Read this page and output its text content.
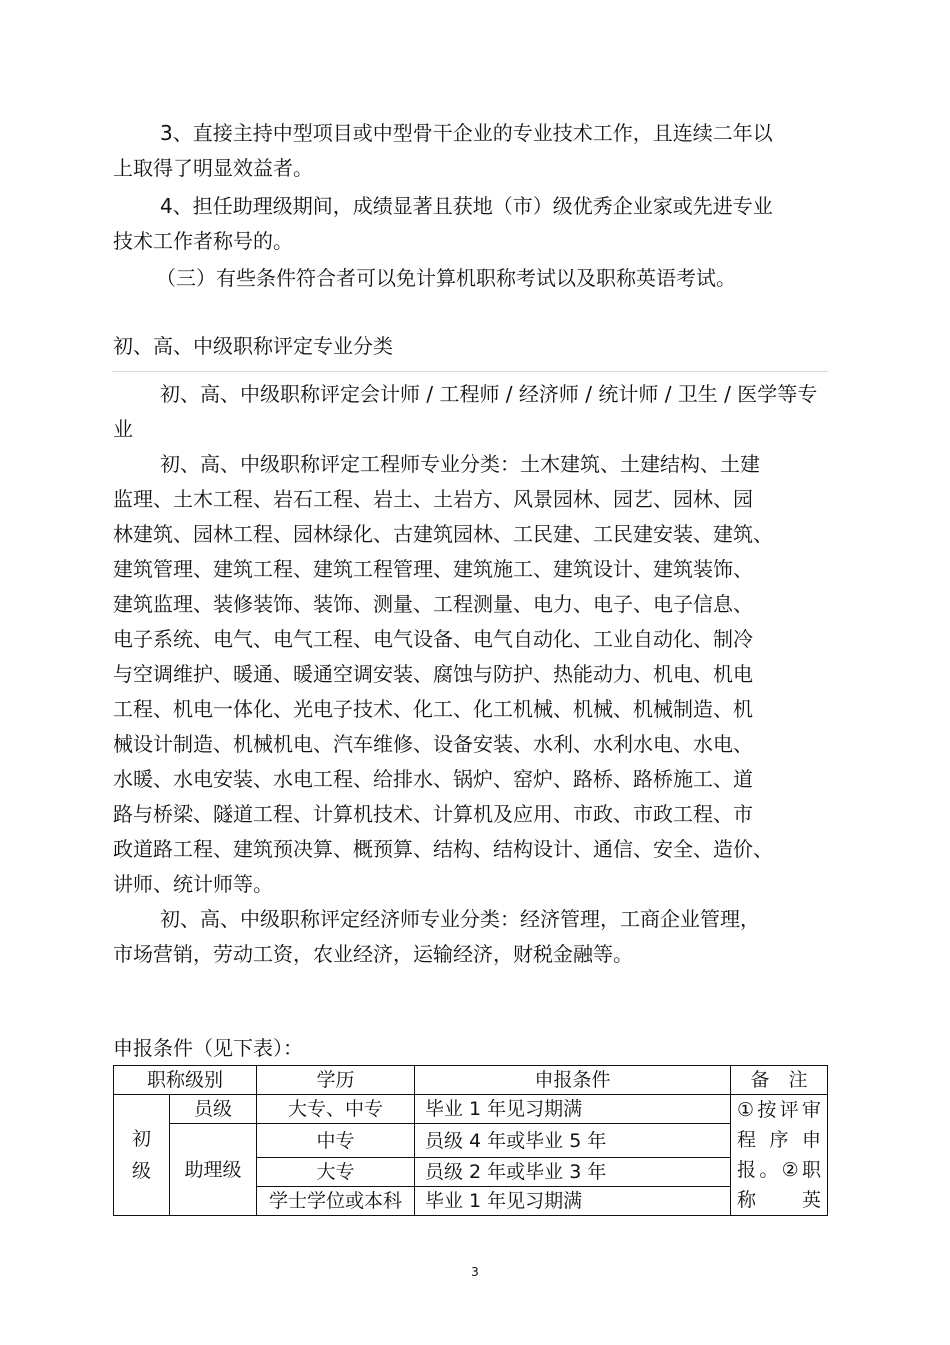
3、直接主持中型项目或中型骨干企业的专业技术工作，且连续二年以
上取得了明显效益者。
4、担任助理级期间，成绩显著且获地（市）级优秀企业家或先进专业
技术工作者称号的。
（三）有些条件符合者可以免计算机职称考试以及职称英语考试。
初、高、中级职称评定专业分类
初、高、中级职称评定会计师 / 工程师 / 经济师 / 统计师 / 卫生 / 医学等专
业
初、高、中级职称评定工程师专业分类：土木建筑、土建结构、土建
监理、土木工程、岩石工程、岩土、土岩方、风景园林、园艺、园林、园
林建筑、园林工程、园林绿化、古建筑园林、工民建、工民建安装、建筑、
建筑管理、建筑工程、建筑工程管理、建筑施工、建筑设计、建筑装饰、
建筑监理、装修装饰、装饰、测量、工程测量、电力、电子、电子信息、
电子系统、电气、电气工程、电气设备、电气自动化、工业自动化、制冷
与空调维护、暖通、暖通空调安装、腐蚀与防护、热能动力、机电、机电
工程、机电一体化、光电子技术、化工、化工机械、机械、机械制造、机
械设计制造、机械机电、汽车维修、设备安装、水利、水利水电、水电、
水暖、水电安装、水电工程、给排水、锅炉、窑炉、路桥、路桥施工、道
路与桥梁、隧道工程、计算机技术、计算机及应用、市政、市政工程、市
政道路工程、建筑预决算、概预算、结构、结构设计、通信、安全、造价、
讲师、统计师等。
初、高、中级职称评定经济师专业分类：经济管理，工商企业管理，
市场营销，劳动工资，农业经济，运输经济，财税金融等。
申报条件（见下表）：
职称级别		学历	申报条件	备　注
初级	员级	大专、中专	毕业 1 年见习期满	①按评审程序申报。②职称英
	助理级	中专	员级 4 年或毕业 5 年	
		大专	员级 2 年或毕业 3 年	
		学士学位或本科	毕业 1 年见习期满	
3
